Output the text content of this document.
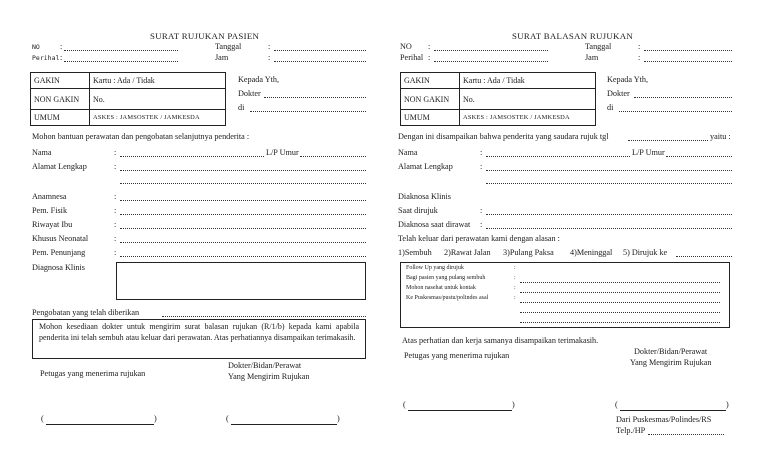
SURAT RUJUKAN PASIEN
NO :
Perihal :
Tanggal	:
Jam	:
GAKIN	Kartu : Ada / Tidak
NON GAKIN	No.
UMUM	ASKES : JAMSOSTEK / JAMKESDA
Kepada Yth,
Dokter
di
Mohon bantuan perawatan dan pengobatan selanjutnya penderita :
Nama	:	L/P Umur
Alamat Lengkap	:
Anamnesa	:
Pem. Fisik	:
Riwayat Ibu	:
Khusus Neonatal	:
Pem. Penunjang	:
Diagnosa Klinis
Pengobatan yang telah diberikan
Mohon kesediaan dokter untuk mengirim surat balasan rujukan (R/1/b) kepada kami apabila penderita ini telah sembuh atau keluar dari perawatan. Atas perhatiannya disampaikan terimakasih.
Petugas yang menerima rujukan
Dokter/Bidan/Perawat
Yang Mengirim Rujukan
(	)	(	)
SURAT BALASAN RUJUKAN
NO :
Perihal :
Tanggal	:
Jam	:
GAKIN	Kartu : Ada / Tidak
NON GAKIN	No.
UMUM	ASKES : JAMSOSTEK / JAMKESDA
Kepada Yth,
Dokter
di
Dengan ini disampaikan bahwa penderita yang saudara rujuk tgl	yaitu :
Nama	:	L/P Umur
Alamat Lengkap	:
Diaknosa Klinis
Saat dirujuk	:
Diaknosa saat dirawat :
Telah keluar dari perawatan kami dengan alasan :
1)Sembuh 2)Rawat Jalan 3)Pulang Paksa 4)Meninggal 5) Dirujuk ke
Follow Up yang dirujuk	:
Bagi pasien yang pulang sembuh	:
Mohon nasehat untuk kontak	:
Ke Puskesmas/pustu/polindes asal	:
Atas perhatian dan kerja samanya disampaikan terimakasih.
Petugas yang menerima rujukan	Dokter/Bidan/Perawat
Yang Mengirim Rujukan
(	)	(	)
Dari Puskesmas/Polindes/RS
Telp./HP
